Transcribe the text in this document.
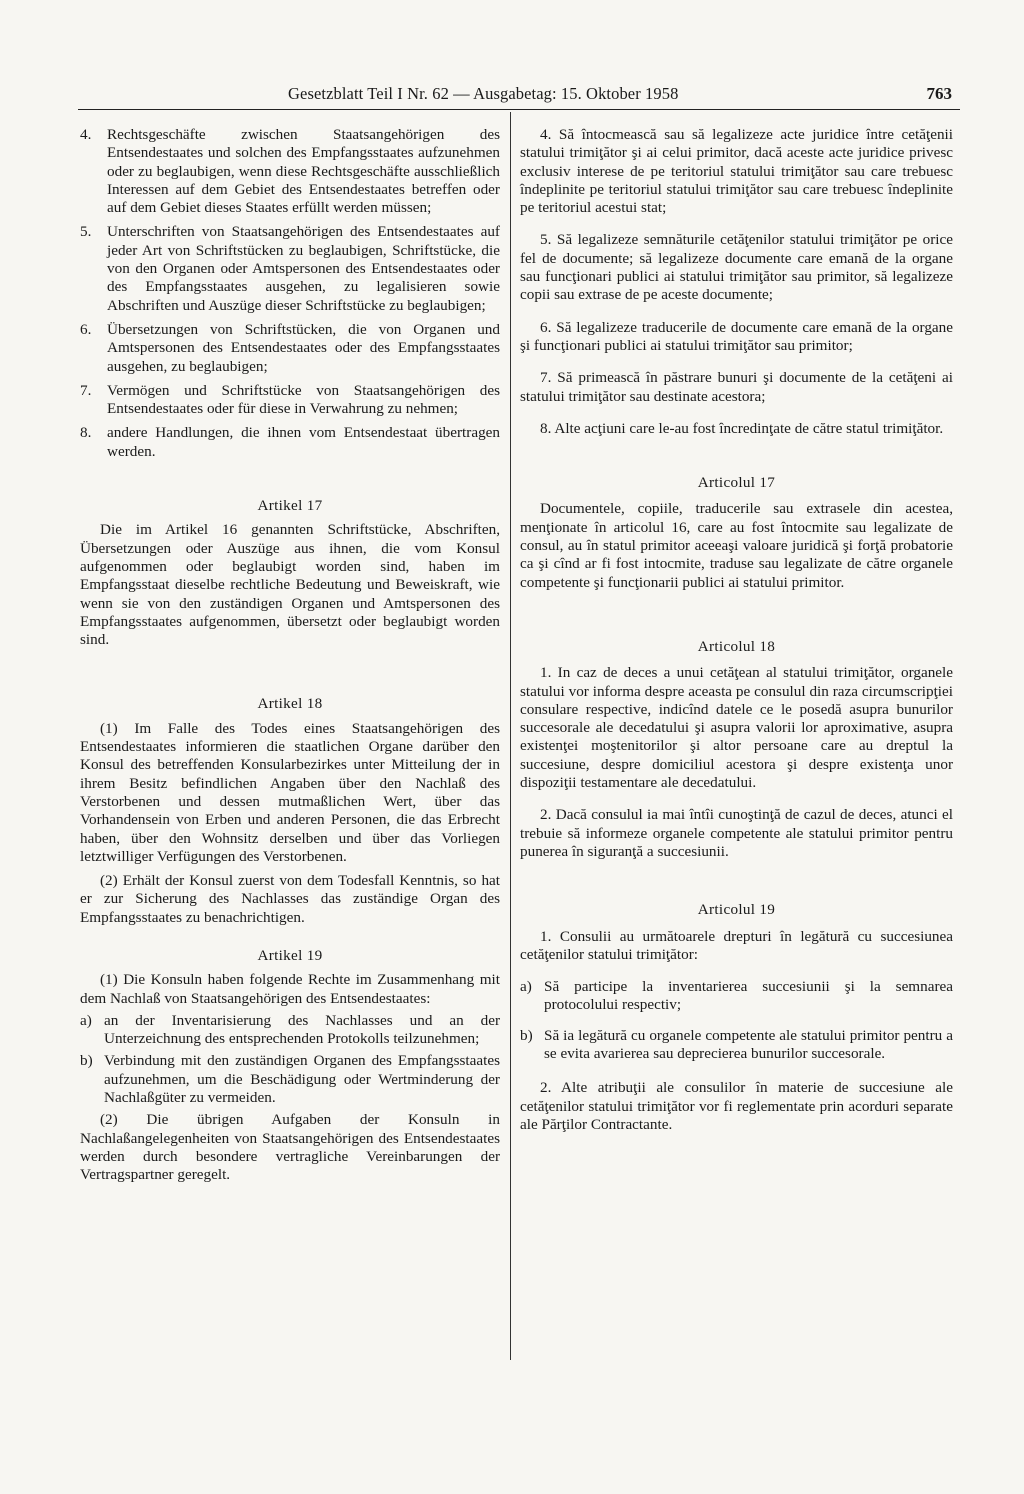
Gesetzblatt Teil I Nr. 62 — Ausgabetag: 15. Oktober 1958	763
4.	Rechtsgeschäfte zwischen Staatsangehörigen des Entsendestaates und solchen des Empfangsstaates aufzunehmen oder zu beglaubigen, wenn diese Rechtsgeschäfte ausschließlich Interessen auf dem Gebiet des Entsendestaates betreffen oder auf dem Gebiet dieses Staates erfüllt werden müssen;
5.	Unterschriften von Staatsangehörigen des Entsendestaates auf jeder Art von Schriftstücken zu beglaubigen, Schriftstücke, die von den Organen oder Amtspersonen des Entsendestaates oder des Empfangsstaates ausgehen, zu legalisieren sowie Abschriften und Auszüge dieser Schriftstücke zu beglaubigen;
6.	Übersetzungen von Schriftstücken, die von Organen und Amtspersonen des Entsendestaates oder des Empfangsstaates ausgehen, zu beglaubigen;
7.	Vermögen und Schriftstücke von Staatsangehörigen des Entsendestaates oder für diese in Verwahrung zu nehmen;
8.	andere Handlungen, die ihnen vom Entsendestaat übertragen werden.

Artikel 17

Die im Artikel 16 genannten Schriftstücke, Abschriften, Übersetzungen oder Auszüge aus ihnen, die vom Konsul aufgenommen oder beglaubigt worden sind, haben im Empfangsstaat dieselbe rechtliche Bedeutung und Beweiskraft, wie wenn sie von den zuständigen Organen und Amtspersonen des Empfangsstaates aufgenommen, übersetzt oder beglaubigt worden sind.

Artikel 18

(1) Im Falle des Todes eines Staatsangehörigen des Entsendestaates informieren die staatlichen Organe darüber den Konsul des betreffenden Konsularbezirkes unter Mitteilung der in ihrem Besitz befindlichen Angaben über den Nachlaß des Verstorbenen und dessen mutmaßlichen Wert, über das Vorhandensein von Erben und anderen Personen, die das Erbrecht haben, über den Wohnsitz derselben und über das Vorliegen letztwilliger Verfügungen des Verstorbenen.

(2) Erhält der Konsul zuerst von dem Todesfall Kenntnis, so hat er zur Sicherung des Nachlasses das zuständige Organ des Empfangsstaates zu benachrichtigen.

Artikel 19

(1) Die Konsuln haben folgende Rechte im Zusammenhang mit dem Nachlaß von Staatsangehörigen des Entsendestaates:

a) an der Inventarisierung des Nachlasses und an der Unterzeichnung des entsprechenden Protokolls teilzunehmen;
b) Verbindung mit den zuständigen Organen des Empfangsstaates aufzunehmen, um die Beschädigung oder Wertminderung der Nachlaßgüter zu vermeiden.

(2) Die übrigen Aufgaben der Konsuln in Nachlaßangelegenheiten von Staatsangehörigen des Entsendestaates werden durch besondere vertragliche Vereinbarungen der Vertragspartner geregelt.

4. Să întocmească sau să legalizeze acte juridice între cetăţenii statului trimiţător şi ai celui primitor, dacă aceste acte juridice privesc exclusiv interese de pe teritoriul statului trimiţător sau care trebuesc îndeplinite pe teritoriul statului trimiţător sau care trebuesc îndeplinite pe teritoriul acestui stat;

5. Să legalizeze semnăturile cetăţenilor statului trimiţător pe orice fel de documente; să legalizeze documente care emană de la organe sau funcţionari publici ai statului trimiţător sau primitor, să legalizeze copii sau extrase de pe aceste documente;

6. Să legalizeze traducerile de documente care emană de la organe şi funcţionari publici ai statului trimiţător sau primitor;

7. Să primească în păstrare bunuri şi documente de la cetăţeni ai statului trimiţător sau destinate acestora;

8. Alte acţiuni care le-au fost încredinţate de către statul trimiţător.

Articolul 17

Documentele, copiile, traducerile sau extrasele din acestea, menţionate în articolul 16, care au fost întocmite sau legalizate de consul, au în statul primitor aceeaşi valoare juridică şi forţă probatorie ca şi cînd ar fi fost intocmite, traduse sau legalizate de către organele competente şi funcţionarii publici ai statului primitor.

Articolul 18

1. In caz de deces a unui cetăţean al statului trimiţător, organele statului vor informa despre aceasta pe consulul din raza circumscripţiei consulare respective, indicînd datele ce le posedă asupra bunurilor succesorale ale decedatului şi asupra valorii lor aproximative, asupra existenţei moştenitorilor şi altor persoane care au dreptul la succesiune, despre domiciliul acestora şi despre existenţa unor dispoziţii testamentare ale decedatului.

2. Dacă consulul ia mai întîi cunoştinţă de cazul de deces, atunci el trebuie să informeze organele competente ale statului primitor pentru punerea în siguranţă a succesiunii.

Articolul 19

1. Consulii au următoarele drepturi în legătură cu succesiunea cetăţenilor statului trimiţător:

a) Să participe la inventarierea succesiunii şi la semnarea protocolului respectiv;
b) Să ia legătură cu organele competente ale statului primitor pentru a se evita avarierea sau deprecierea bunurilor succesorale.

2. Alte atribuţii ale consulilor în materie de succesiune ale cetăţenilor statului trimiţător vor fi reglementate prin acorduri separate ale Părţilor Contractante.
